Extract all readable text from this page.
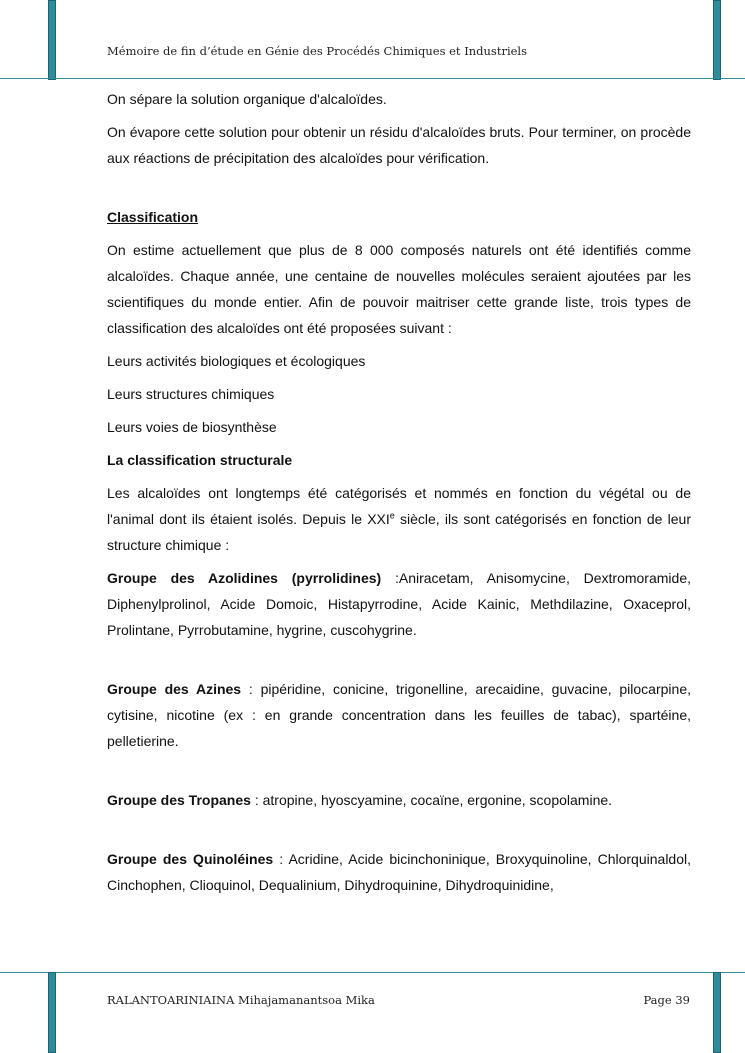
Mémoire de fin d’étude en Génie des Procédés Chimiques et Industriels

On sépare la solution organique d'alcaloïdes.

On évapore cette solution pour obtenir un résidu d'alcaloïdes bruts. Pour terminer, on procède aux réactions de précipitation des alcaloïdes pour vérification.

Classification

On estime actuellement que plus de 8 000 composés naturels ont été identifiés comme alcaloïdes. Chaque année, une centaine de nouvelles molécules seraient ajoutées par les scientifiques du monde entier. Afin de pouvoir maitriser cette grande liste, trois types de classification des alcaloïdes ont été proposées suivant :

Leurs activités biologiques et écologiques

Leurs structures chimiques

Leurs voies de biosynthèse

La classification structurale

Les alcaloïdes ont longtemps été catégorisés et nommés en fonction du végétal ou de l'animal dont ils étaient isolés. Depuis le XXIe siècle, ils sont catégorisés en fonction de leur structure chimique :

Groupe des Azolidines (pyrrolidines) :Aniracetam, Anisomycine, Dextromoramide, Diphenylprolinol, Acide Domoic, Histapyrrodine, Acide Kainic, Methdilazine, Oxaceprol, Prolintane, Pyrrobutamine, hygrine, cuscohygrine.

Groupe des Azines : pipéridine, conicine, trigonelline, arecaidine, guvacine, pilocarpine, cytisine, nicotine (ex : en grande concentration dans les feuilles de tabac), spartéine, pelletierine.

Groupe des Tropanes : atropine, hyoscyamine, cocaïne, ergonine, scopolamine.

Groupe des Quinoléines : Acridine, Acide bicinchoninique, Broxyquinoline, Chlorquinaldol, Cinchophen, Clioquinol, Dequalinium, Dihydroquinine, Dihydroquinidine,

RALANTOARINIAINA Mihajamanantsoa Mika	Page 39
